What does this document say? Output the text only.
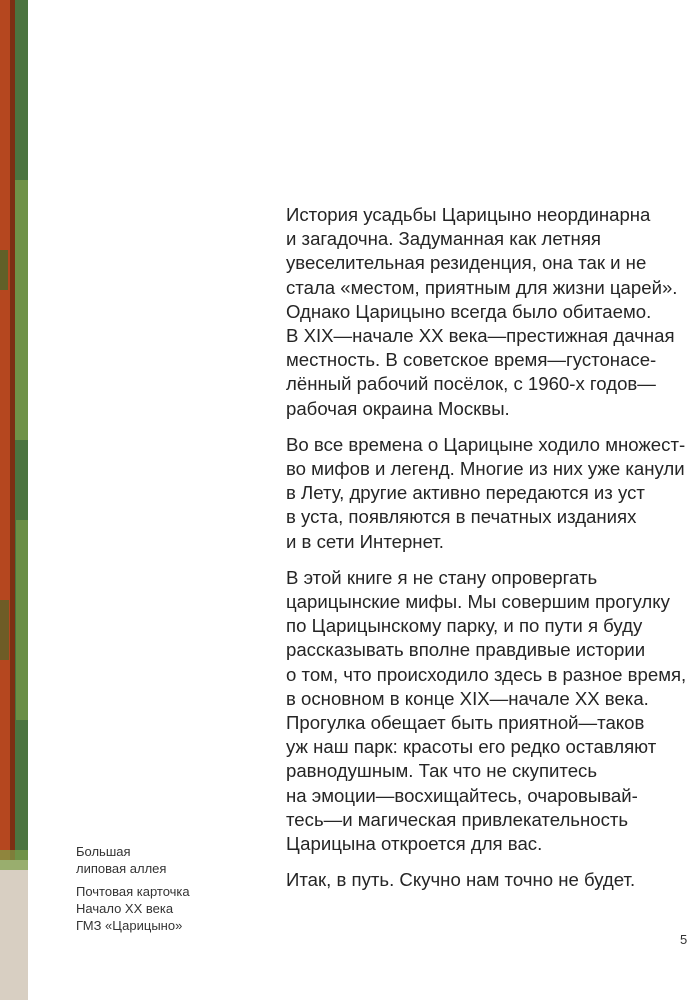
История усадьбы Царицыно неординарна
и загадочна. Задуманная как летняя
увеселительная резиденция, она так и не
стала «местом, приятным для жизни царей».
Однако Царицыно всегда было обитаемо.
В XIX—начале XX века—престижная дачная
местность. В советское время—густонасе-
лённый рабочий посёлок, с 1960-х годов—
рабочая окраина Москвы.

Во все времена о Царицыне ходило множест-
во мифов и легенд. Многие из них уже канули
в Лету, другие активно передаются из уст
в уста, появляются в печатных изданиях
и в сети Интернет.

В этой книге я не стану опровергать
царицынские мифы. Мы совершим прогулку
по Царицынскому парку, и по пути я буду
рассказывать вполне правдивые истории
о том, что происходило здесь в разное время,
в основном в конце XIX—начале XX века.
Прогулка обещает быть приятной—таков
уж наш парк: красоты его редко оставляют
равнодушным. Так что не скупитесь
на эмоции—восхищайтесь, очаровывай-
тесь—и магическая привлекательность
Царицына откроется для вас.

Итак, в путь. Скучно нам точно не будет.

Большая
липовая аллея
Почтовая карточка
Начало XX века
ГМЗ «Царицыно»
5
